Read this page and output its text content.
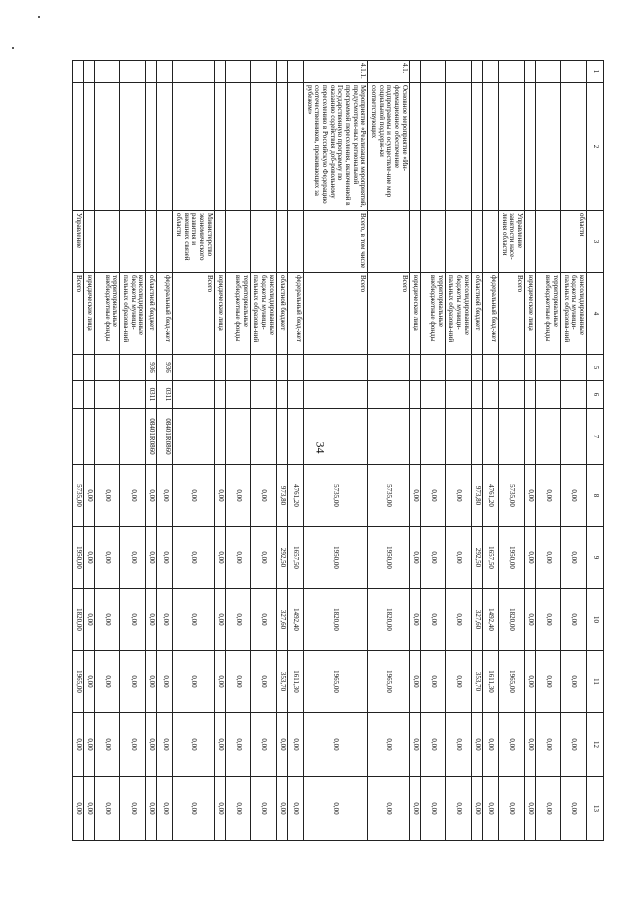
34
1	2	3	4	5	6	7	8	9	10	11	12	13
		области	консолидированные бюджеты муници-пальных образова-ний				0,00	0,00	0,00	0,00	0,00	0,00
			территориальные внебюджетные фонды				0,00	0,00	0,00	0,00	0,00	0,00
			юридические лица				0,00	0,00	0,00	0,00	0,00	0,00
		Управление занятости насе-ления области	Всего				5735,00	1950,00	1820,00	1965,00	0,00	0,00
			федеральный бюд-жет				4761,20	1657,50	1492,40	1611,30	0,00	0,00
			областной бюджет				973,80	292,50	327,60	353,70	0,00	0,00
			консолидированные бюджеты муници-пальных образова-ний				0,00	0,00	0,00	0,00	0,00	0,00
			территориальные внебюджетные фонды				0,00	0,00	0,00	0,00	0,00	0,00
			юридические лица				0,00	0,00	0,00	0,00	0,00	0,00
4.1.	Основное мероприятие «Ин-формационное обеспечение подпрограммы и осуществле-ние мер социальной поддерж-ки соответствующих		Всего				5735,00	1950,00	1820,00	1965,00	0,00	0,00
4.1.1.	Мероприятие «Реализация мероприятий, предусмотрен-ных региональной программой переселения, включенной в Государственную программу по оказанию содействия доб-ровольному переселению в Российскую Федерацию соотечественников, проживающих за рубежом»	Всего, в том числе	Всего				5735,00	1950,00	1820,00	1965,00	0,00	0,00
			федеральный бюд-жет				4761,20	1657,50	1492,40	1611,30	0,00	0,00
			областной бюджет				973,80	292,50	327,60	353,70	0,00	0,00
			консолидированные бюджеты муници-пальных образова-ний				0,00	0,00	0,00	0,00	0,00	0,00
			территориальные внебюджетные фонды				0,00	0,00	0,00	0,00	0,00	0,00
			юридические лица				0,00	0,00	0,00	0,00	0,00	0,00
		Министерство экономического развития и внешних связей области	Всего				0,00	0,00	0,00	0,00	0,00	0,00
			федеральный бюд-жет	936	0311	08401R0860	0,00	0,00	0,00	0,00	0,00	0,00
			областной бюджет	936	0311	08401R0860	0,00	0,00	0,00	0,00	0,00	0,00
			консолидированные бюджеты муници-пальных образова-ний				0,00	0,00	0,00	0,00	0,00	0,00
			территориальные внебюджетные фонды				0,00	0,00	0,00	0,00	0,00	0,00
			юридические лица				0,00	0,00	0,00	0,00	0,00	0,00
		Управление	Всего				5735,00	1950,00	1820,00	1965,00	0,00	0,00
